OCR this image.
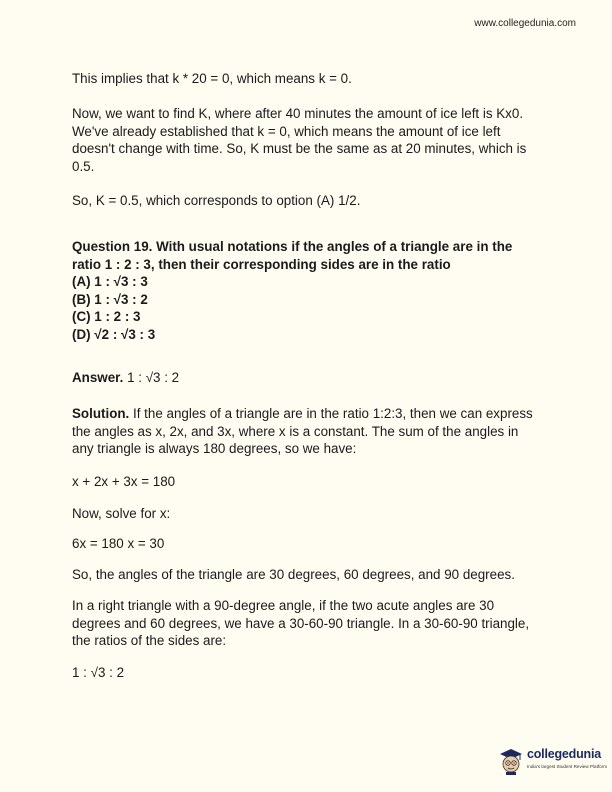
www.collegedunia.com

This implies that k * 20 = 0, which means k = 0.

Now, we want to find K, where after 40 minutes the amount of ice left is Kx0. We've already established that k = 0, which means the amount of ice left doesn't change with time. So, K must be the same as at 20 minutes, which is 0.5.

So, K = 0.5, which corresponds to option (A) 1/2.

Question 19. With usual notations if the angles of a triangle are in the ratio 1 : 2 : 3, then their corresponding sides are in the ratio
(A) 1 : √3 : 3
(B) 1 : √3 : 2
(C) 1 : 2 : 3
(D) √2 : √3 : 3

Answer. 1 : √3 : 2

Solution. If the angles of a triangle are in the ratio 1:2:3, then we can express the angles as x, 2x, and 3x, where x is a constant. The sum of the angles in any triangle is always 180 degrees, so we have:

x + 2x + 3x = 180

Now, solve for x:

6x = 180 x = 30

So, the angles of the triangle are 30 degrees, 60 degrees, and 90 degrees.

In a right triangle with a 90-degree angle, if the two acute angles are 30 degrees and 60 degrees, we have a 30-60-90 triangle. In a 30-60-90 triangle, the ratios of the sides are:

1 : √3 : 2

collegedunia
India's largest Student Review Platform
